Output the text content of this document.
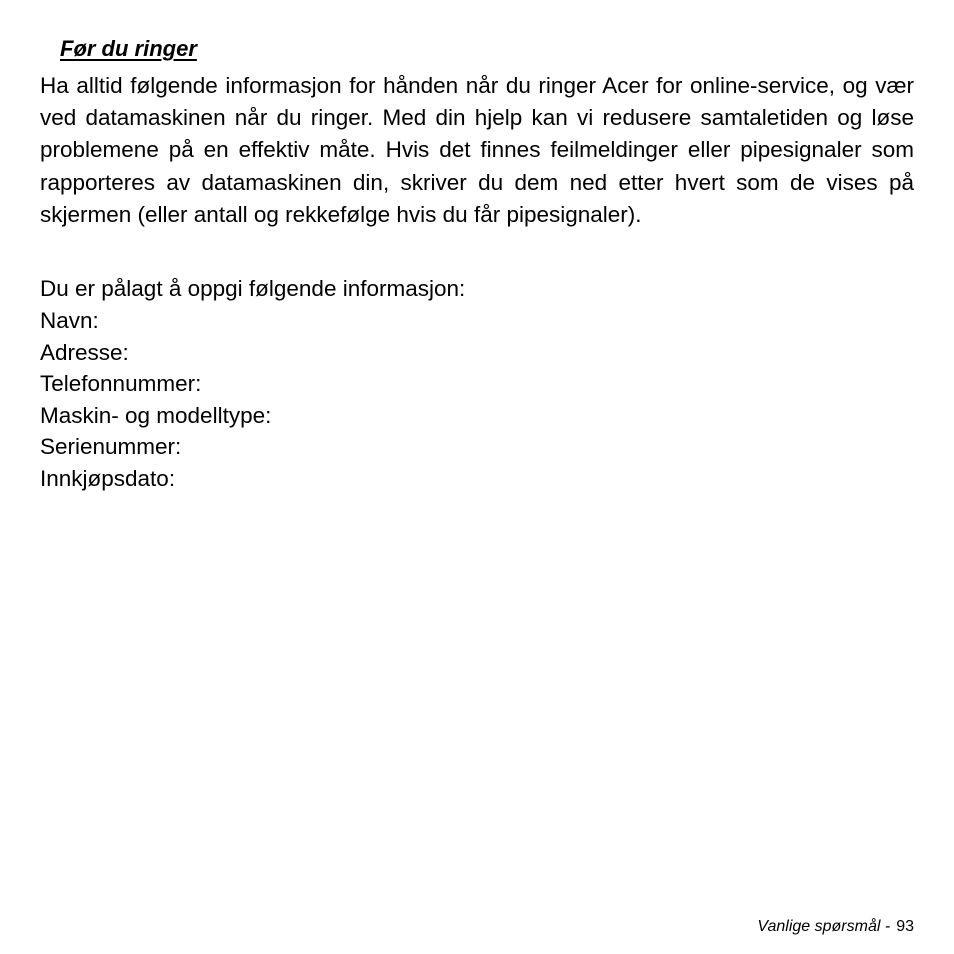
Før du ringer

Ha alltid følgende informasjon for hånden når du ringer Acer for online-service, og vær ved datamaskinen når du ringer. Med din hjelp kan vi redusere samtaletiden og løse problemene på en effektiv måte. Hvis det finnes feilmeldinger eller pipesignaler som rapporteres av datamaskinen din, skriver du dem ned etter hvert som de vises på skjermen (eller antall og rekkefølge hvis du får pipesignaler).

Du er pålagt å oppgi følgende informasjon:

Navn:
Adresse:
Telefonnummer:
Maskin- og modelltype:
Serienummer:
Innkjøpsdato:
Vanlige spørsmål - 93
